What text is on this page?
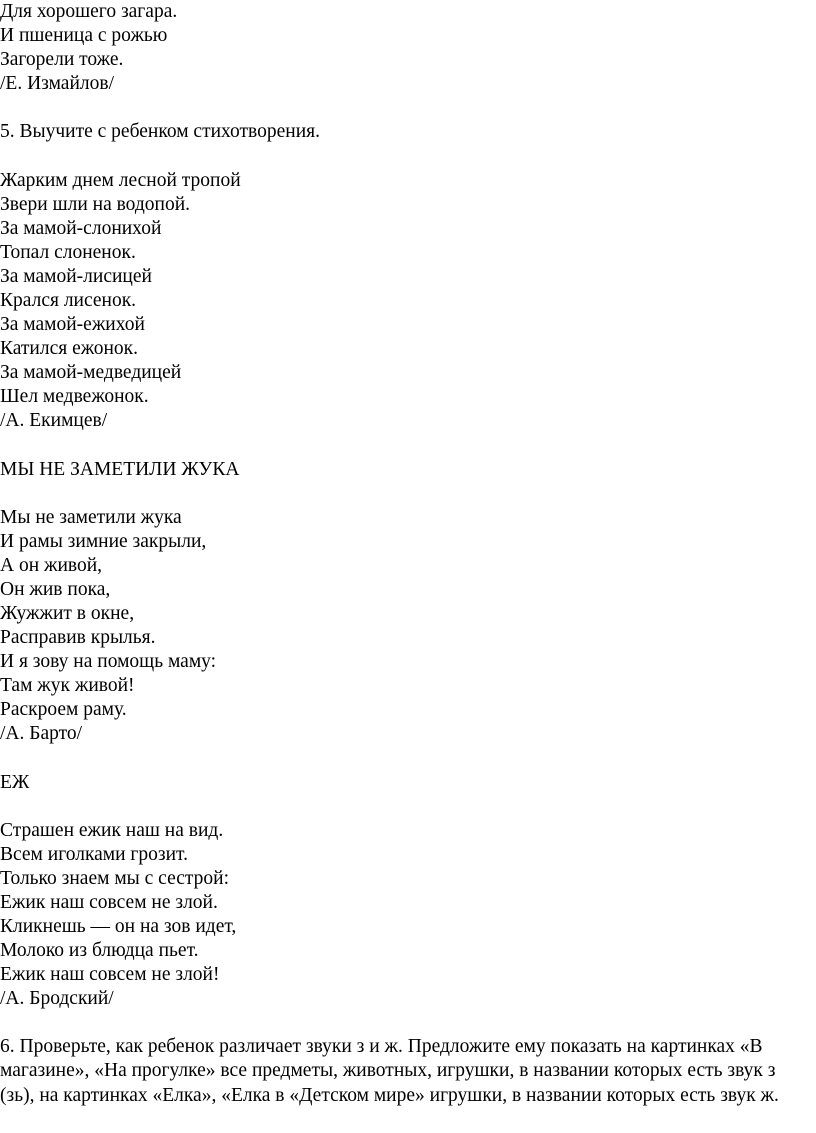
Для хорошего загара.
И пшеница с рожью
Загорели тоже.
/Е. Измайлов/
5. Выучите с ребенком стихотворения.
Жарким днем лесной тропой
Звери шли на водопой.
За мамой-слонихой
Топал слоненок.
За мамой-лисицей
Крался лисенок.
За мамой-ежихой
Катился ежонок.
За мамой-медведицей
Шел медвежонок.
/А. Екимцев/
МЫ НЕ ЗАМЕТИЛИ ЖУКА
Мы не заметили жука
И рамы зимние закрыли,
А он живой,
Он жив пока,
Жужжит в окне,
Расправив крылья.
И я зову на помощь маму:
Там жук живой!
Раскроем раму.
/А. Барто/
ЕЖ
Страшен ежик наш на вид.
Всем иголками грозит.
Только знаем мы с сестрой:
Ежик наш совсем не злой.
Кликнешь — он на зов идет,
Молоко из блюдца пьет.
Ежик наш совсем не злой!
/А. Бродский/
6. Проверьте, как ребенок различает звуки з и ж. Предложите ему показать на картинках «В магазине», «На прогулке» все предметы, животных, игрушки, в названии которых есть звук з (зь), на картинках «Елка», «Елка в «Детском мире» игрушки, в названии которых есть звук ж.
